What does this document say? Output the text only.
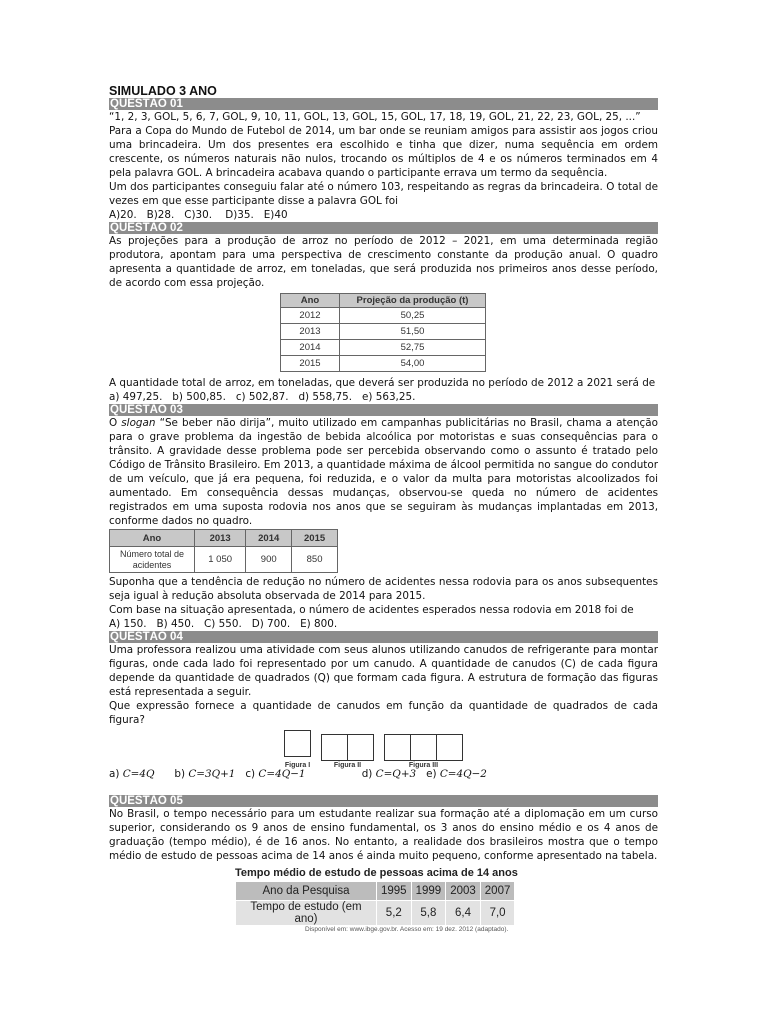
SIMULADO 3 ANO
QUESTÃO 01

“1, 2, 3, GOL, 5, 6, 7, GOL, 9, 10, 11, GOL, 13, GOL, 15, GOL, 17, 18, 19, GOL, 21, 22, 23, GOL, 25, ...”

Para a Copa do Mundo de Futebol de 2014, um bar onde se reuniam amigos para assistir aos jogos criou uma brincadeira. Um dos presentes era escolhido e tinha que dizer, numa sequência em ordem crescente, os números naturais não nulos, trocando os múltiplos de 4 e os números terminados em 4 pela palavra GOL. A brincadeira acabava quando o participante errava um termo da sequência.

Um dos participantes conseguiu falar até o número 103, respeitando as regras da brincadeira. O total de vezes em que esse participante disse a palavra GOL foi

A)20.   B)28.   C)30.    D)35.   E)40
QUESTÃO 02

As projeções para a produção de arroz no período de 2012 – 2021, em uma determinada região produtora, apontam para uma perspectiva de crescimento constante da produção anual. O quadro apresenta a quantidade de arroz, em toneladas, que será produzida nos primeiros anos desse período, de acordo com essa projeção.

Ano	Projeção da produção (t)
2012	50,25
2013	51,50
2014	52,75
2015	54,00

A quantidade total de arroz, em toneladas, que deverá ser produzida no período de 2012 a 2021 será de

a) 497,25.   b) 500,85.   c) 502,87.   d) 558,75.   e) 563,25.
QUESTÃO 03

O slogan “Se beber não dirija”, muito utilizado em campanhas publicitárias no Brasil, chama a atenção para o grave problema da ingestão de bebida alcoólica por motoristas e suas consequências para o trânsito. A gravidade desse problema pode ser percebida observando como o assunto é tratado pelo Código de Trânsito Brasileiro. Em 2013, a quantidade máxima de álcool permitida no sangue do condutor de um veículo, que já era pequena, foi reduzida, e o valor da multa para motoristas alcoolizados foi aumentado. Em consequência dessas mudanças, observou-se queda no número de acidentes registrados em uma suposta rodovia nos anos que se seguiram às mudanças implantadas em 2013, conforme dados no quadro.

Ano	2013	2014	2015
Número total de acidentes	1 050	900	850

Suponha que a tendência de redução no número de acidentes nessa rodovia para os anos subsequentes seja igual à redução absoluta observada de 2014 para 2015.

Com base na situação apresentada, o número de acidentes esperados nessa rodovia em 2018 foi de

A) 150.   B) 450.   C) 550.   D) 700.   E) 800.
QUESTÃO 04

Uma professora realizou uma atividade com seus alunos utilizando canudos de refrigerante para montar figuras, onde cada lado foi representado por um canudo. A quantidade de canudos (C) de cada figura depende da quantidade de quadrados (Q) que formam cada figura. A estrutura de formação das figuras está representada a seguir.

Que expressão fornece a quantidade de canudos em função da quantidade de quadrados de cada figura?

Figura I	Figura II	Figura III
a) C=4Q b) C=3Q+1 c) C=4Q−1	d) C=Q+3 e) C=4Q−2
QUESTÃO 05

No Brasil, o tempo necessário para um estudante realizar sua formação até a diplomação em um curso superior, considerando os 9 anos de ensino fundamental, os 3 anos do ensino médio e os 4 anos de graduação (tempo médio), é de 16 anos. No entanto, a realidade dos brasileiros mostra que o tempo médio de estudo de pessoas acima de 14 anos é ainda muito pequeno, conforme apresentado na tabela.

Tempo médio de estudo de pessoas acima de 14 anos
Ano da Pesquisa	1995	1999	2003	2007
Tempo de estudo (em ano)	5,2	5,8	6,4	7,0
Disponível em: www.ibge.gov.br. Acesso em: 19 dez. 2012 (adaptado).
